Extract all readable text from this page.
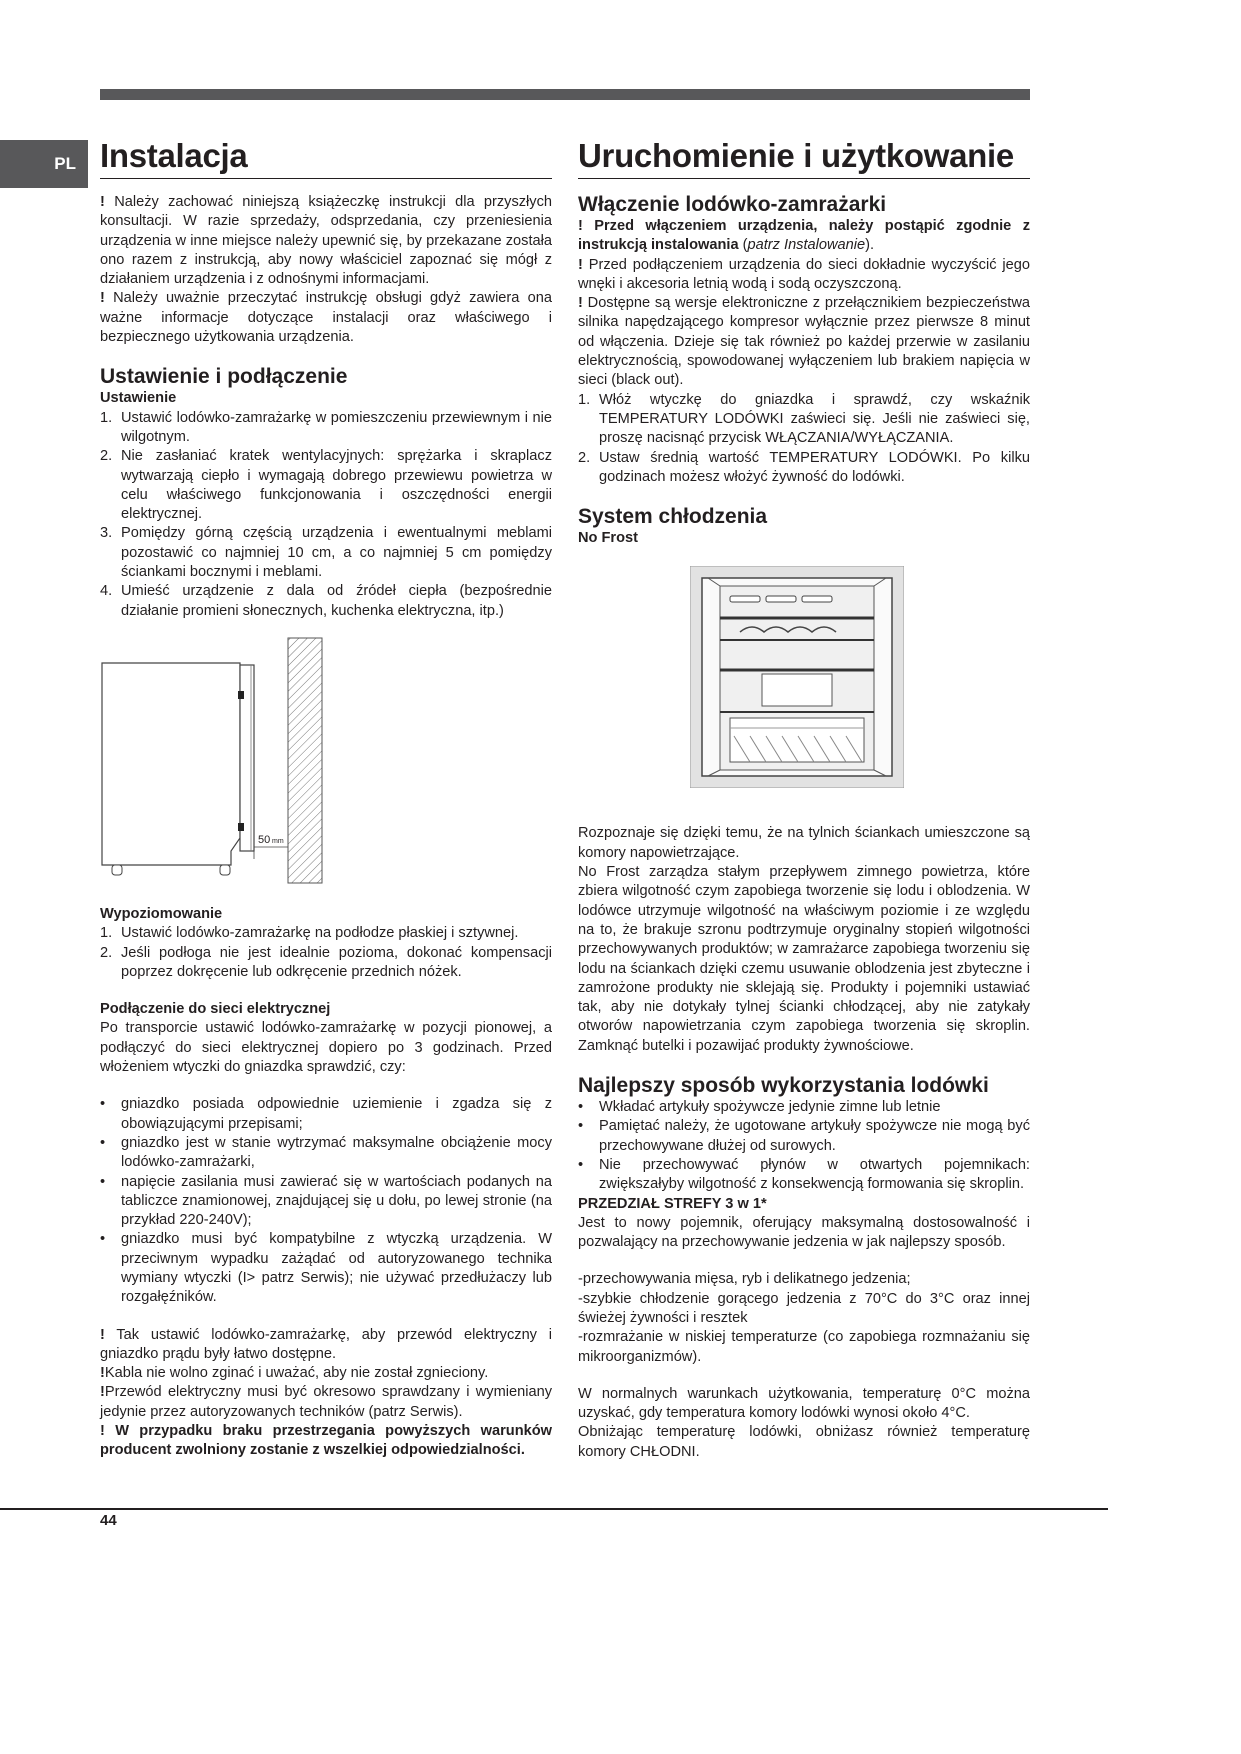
PL Instalacja

! Należy zachować niniejszą książeczkę instrukcji dla przyszłych konsultacji. W razie sprzedaży, odsprzedania, czy przeniesienia urządzenia w inne miejsce należy upewnić się, by przekazane została ono razem z instrukcją, aby nowy właściciel zapoznać się mógł z działaniem urządzenia i z odnośnymi informacjami.

! Należy uważnie przeczytać instrukcję obsługi gdyż zawiera ona ważne informacje dotyczące instalacji oraz właściwego i bezpiecznego użytkowania urządzenia.

Ustawienie i podłączenie
Ustawienie
1. Ustawić lodówko-zamrażarkę w pomieszczeniu przewiewnym i nie wilgotnym.
2. Nie zasłaniać kratek wentylacyjnych: sprężarka i skraplacz wytwarzają ciepło i wymagają dobrego przewiewu powietrza w celu właściwego funkcjonowania i oszczędności energii elektrycznej.
3. Pomiędzy górną częścią urządzenia i ewentualnymi meblami pozostawić co najmniej 10 cm, a co najmniej 5 cm pomiędzy ściankami bocznymi i meblami.
4. Umieść urządzenie z dala od źródeł ciepła (bezpośrednie działanie promieni słonecznych, kuchenka elektryczna, itp.)
50 mm
Wypoziomowanie
1. Ustawić lodówko-zamrażarkę na podłodze płaskiej i sztywnej.
2. Jeśli podłoga nie jest idealnie pozioma, dokonać kompensacji poprzez dokręcenie lub odkręcenie przednich nóżek.
Podłączenie do sieci elektrycznej

Po transporcie ustawić lodówko-zamrażarkę w pozycji pionowej, a podłączyć do sieci elektrycznej dopiero po 3 godzinach. Przed włożeniem wtyczki do gniazdka sprawdzić, czy:

• gniazdko posiada odpowiednie uziemienie i zgadza się z obowiązującymi przepisami;
• gniazdko jest w stanie wytrzymać maksymalne obciążenie mocy lodówko-zamrażarki,
• napięcie zasilania musi zawierać się w wartościach podanych na tabliczce znamionowej, znajdującej się u dołu, po lewej stronie (na przykład 220-240V);
• gniazdko musi być kompatybilne z wtyczką urządzenia. W przeciwnym wypadku zażądać od autoryzowanego technika wymiany wtyczki (I> patrz Serwis); nie używać przedłużaczy lub rozgałęźników.

! Tak ustawić lodówko-zamrażarkę, aby przewód elektryczny i gniazdko prądu były łatwo dostępne.

!Kabla nie wolno zginać i uważać, aby nie został zgnieciony.

!Przewód elektryczny musi być okresowo sprawdzany i wymieniany jedynie przez autoryzowanych techników (patrz Serwis).

! W przypadku braku przestrzegania powyższych warunków producent zwolniony zostanie z wszelkiej odpowiedzialności.

Uruchomienie i użytkowanie
Włączenie lodówko-zamrażarki

! Przed włączeniem urządzenia, należy postąpić zgodnie z instrukcją instalowania (patrz Instalowanie).

! Przed podłączeniem urządzenia do sieci dokładnie wyczyścić jego wnęki i akcesoria letnią wodą i sodą oczyszczoną.

! Dostępne są wersje elektroniczne z przełącznikiem bezpieczeństwa silnika napędzającego kompresor wyłącznie przez pierwsze 8 minut od włączenia. Dzieje się tak również po każdej przerwie w zasilaniu elektrycznością, spowodowanej wyłączeniem lub brakiem napięcia w sieci (black out).

1. Włóż wtyczkę do gniazdka i sprawdź, czy wskaźnik TEMPERATURY LODÓWKI zaświeci się. Jeśli nie zaświeci się, proszę nacisnąć przycisk WŁĄCZANIA/WYŁĄCZANIA.
2. Ustaw średnią wartość TEMPERATURY LODÓWKI. Po kilku godzinach możesz włożyć żywność do lodówki.
System chłodzenia
No Frost

Rozpoznaje się dzięki temu, że na tylnich ściankach umieszczone są komory napowietrzające.

No Frost zarządza stałym przepływem zimnego powietrza, które zbiera wilgotność czym zapobiega tworzenie się lodu i oblodzenia. W lodówce utrzymuje wilgotność na właściwym poziomie i ze względu na to, że brakuje szronu podtrzymuje oryginalny stopień wilgotności przechowywanych produktów; w zamrażarce zapobiega tworzeniu się lodu na ściankach dzięki czemu usuwanie oblodzenia jest zbyteczne i zamrożone produkty nie sklejają się. Produkty i pojemniki ustawiać tak, aby nie dotykały tylnej ścianki chłodzącej, aby nie zatykały otworów napowietrzania czym zapobiega tworzenia się skroplin. Zamknąć butelki i pozawijać produkty żywnościowe.

Najlepszy sposób wykorzystania lodówki
• Wkładać artykuły spożywcze jedynie zimne lub letnie
• Pamiętać należy, że ugotowane artykuły spożywcze nie mogą być przechowywane dłużej od surowych.
• Nie przechowywać płynów w otwartych pojemnikach: zwiększałyby wilgotność z konsekwencją formowania się skroplin.
PRZEDZIAŁ STREFY 3 w 1*

Jest to nowy pojemnik, oferujący maksymalną dostosowalność i pozwalający na przechowywanie jedzenia w jak najlepszy sposób.

-przechowywania mięsa, ryb i delikatnego jedzenia;

-szybkie chłodzenie gorącego jedzenia z 70°C do 3°C oraz innej świeżej żywności i resztek

-rozmrażanie w niskiej temperaturze (co zapobiega rozmnażaniu się mikroorganizmów).

W normalnych warunkach użytkowania, temperaturę 0°C można uzyskać, gdy temperatura komory lodówki wynosi około 4°C.

Obniżając temperaturę lodówki, obniżasz również temperaturę komory CHŁODNI.

44
